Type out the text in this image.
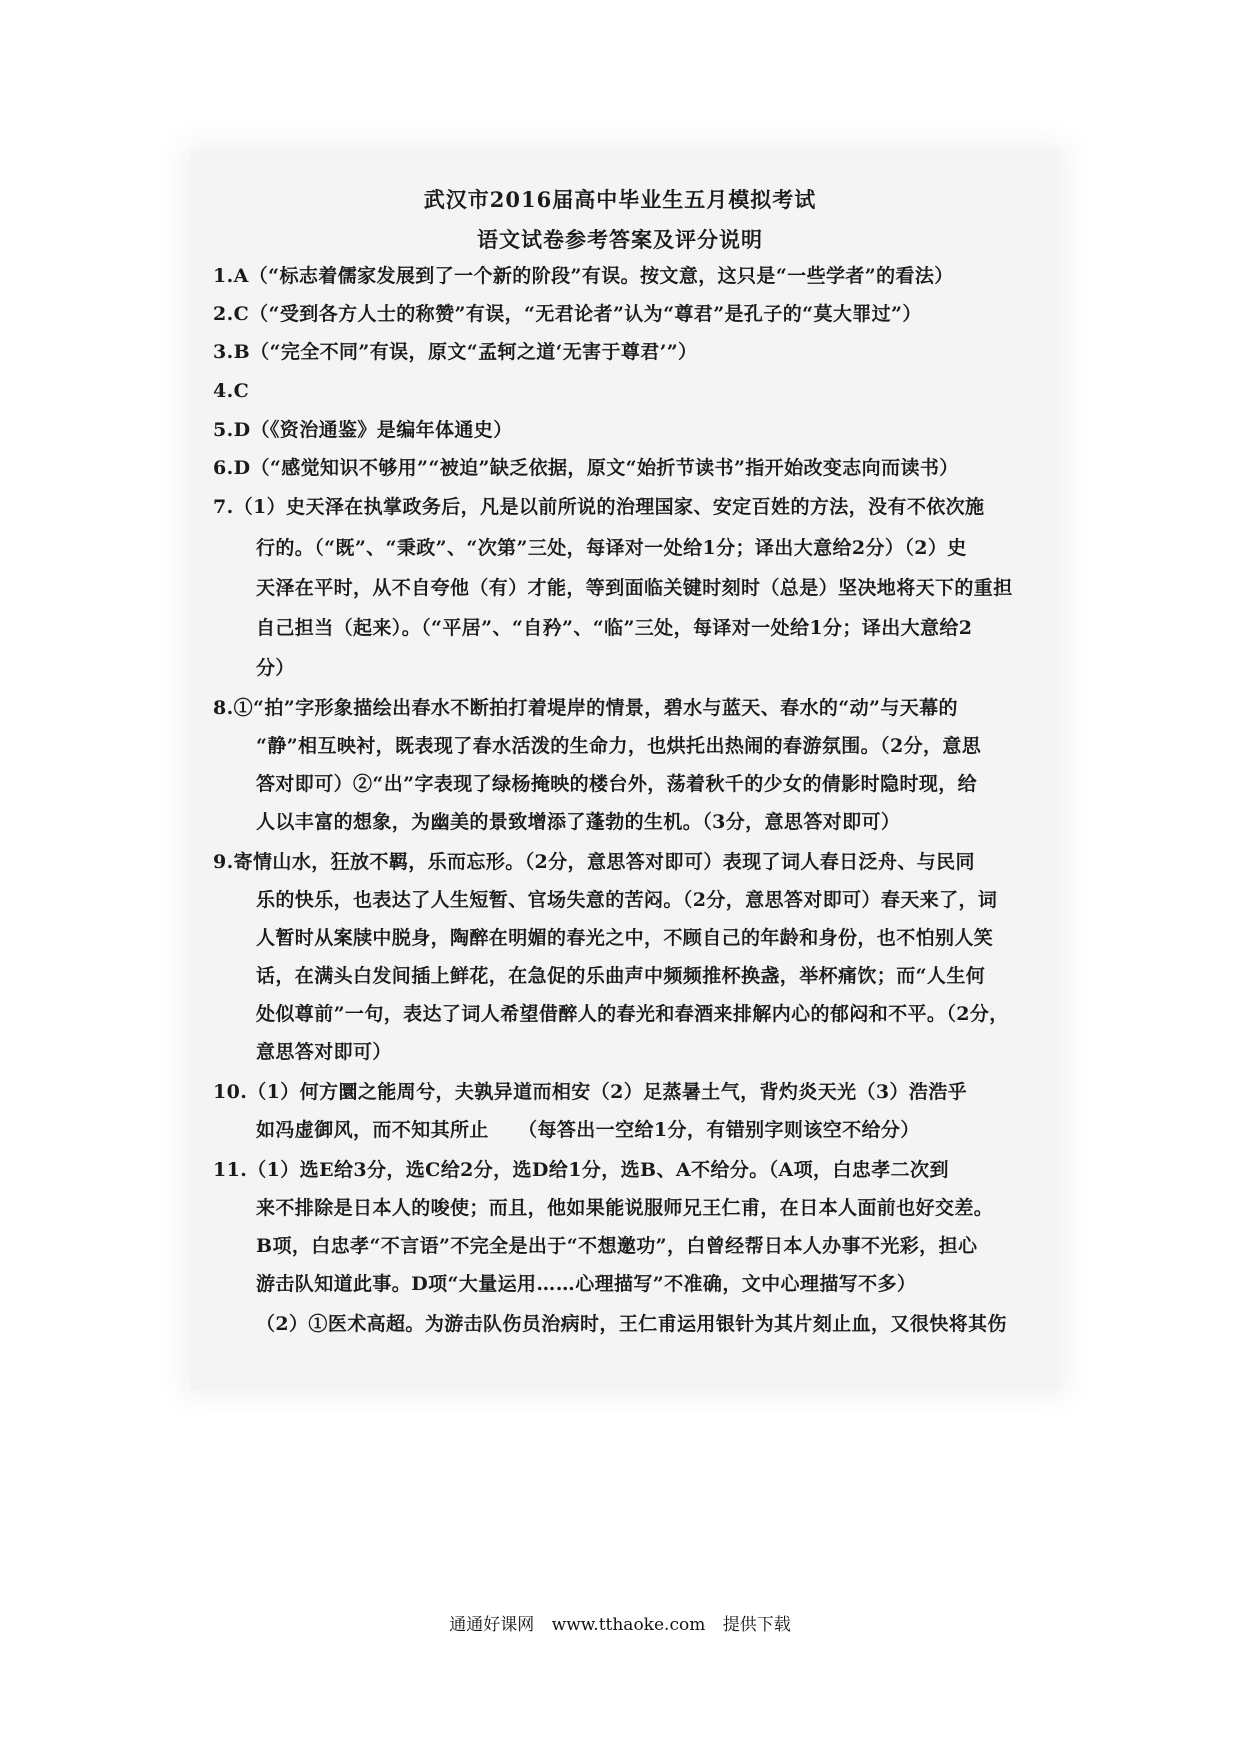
武汉市2016届高中毕业生五月模拟考试
语文试卷参考答案及评分说明
1.A（“标志着儒家发展到了一个新的阶段”有误。按文意，这只是“一些学者”的看法）
2.C（“受到各方人士的称赞”有误，“无君论者”认为“尊君”是孔子的“莫大罪过”）
3.B（“完全不同”有误，原文“孟轲之道‘无害于尊君’”）
4.C
5.D（《资治通鉴》是编年体通史）
6.D（“感觉知识不够用”“被迫”缺乏依据，原文“始折节读书”指开始改变志向而读书）
7.（1）史天泽在执掌政务后，凡是以前所说的治理国家、安定百姓的方法，没有不依次施
行的。（“既”、“秉政”、“次第”三处，每译对一处给1分；译出大意给2分）（2）史
天泽在平时，从不自夸他（有）才能，等到面临关键时刻时（总是）坚决地将天下的重担
自己担当（起来）。（“平居”、“自矜”、“临”三处，每译对一处给1分；译出大意给2
分）
8.①“拍”字形象描绘出春水不断拍打着堤岸的情景，碧水与蓝天、春水的“动”与天幕的
“静”相互映衬，既表现了春水活泼的生命力，也烘托出热闹的春游氛围。（2分，意思
答对即可）②“出”字表现了绿杨掩映的楼台外，荡着秋千的少女的倩影时隐时现，给
人以丰富的想象，为幽美的景致增添了蓬勃的生机。（3分，意思答对即可）
9.寄情山水，狂放不羁，乐而忘形。（2分，意思答对即可）表现了词人春日泛舟、与民同
乐的快乐，也表达了人生短暂、官场失意的苦闷。（2分，意思答对即可）春天来了，词
人暂时从案牍中脱身，陶醉在明媚的春光之中，不顾自己的年龄和身份，也不怕别人笑
话，在满头白发间插上鲜花，在急促的乐曲声中频频推杯换盏，举杯痛饮；而“人生何
处似尊前”一句，表达了词人希望借醉人的春光和春酒来排解内心的郁闷和不平。（2分，
意思答对即可）
10.（1）何方圜之能周兮，夫孰异道而相安（2）足蒸暑土气，背灼炎天光（3）浩浩乎
如冯虚御风，而不知其所止　　（每答出一空给1分，有错别字则该空不给分）
11.（1）选E给3分，选C给2分，选D给1分，选B、A不给分。（A项，白忠孝二次到
来不排除是日本人的唆使；而且，他如果能说服师兄王仁甫，在日本人面前也好交差。
B项，白忠孝“不言语”不完全是出于“不想邀功”，白曾经帮日本人办事不光彩，担心
游击队知道此事。D项“大量运用……心理描写”不准确，文中心理描写不多）
（2）①医术高超。为游击队伤员治病时，王仁甫运用银针为其片刻止血，又很快将其伤
通通好课网 www.tthaoke.com 提供下载
